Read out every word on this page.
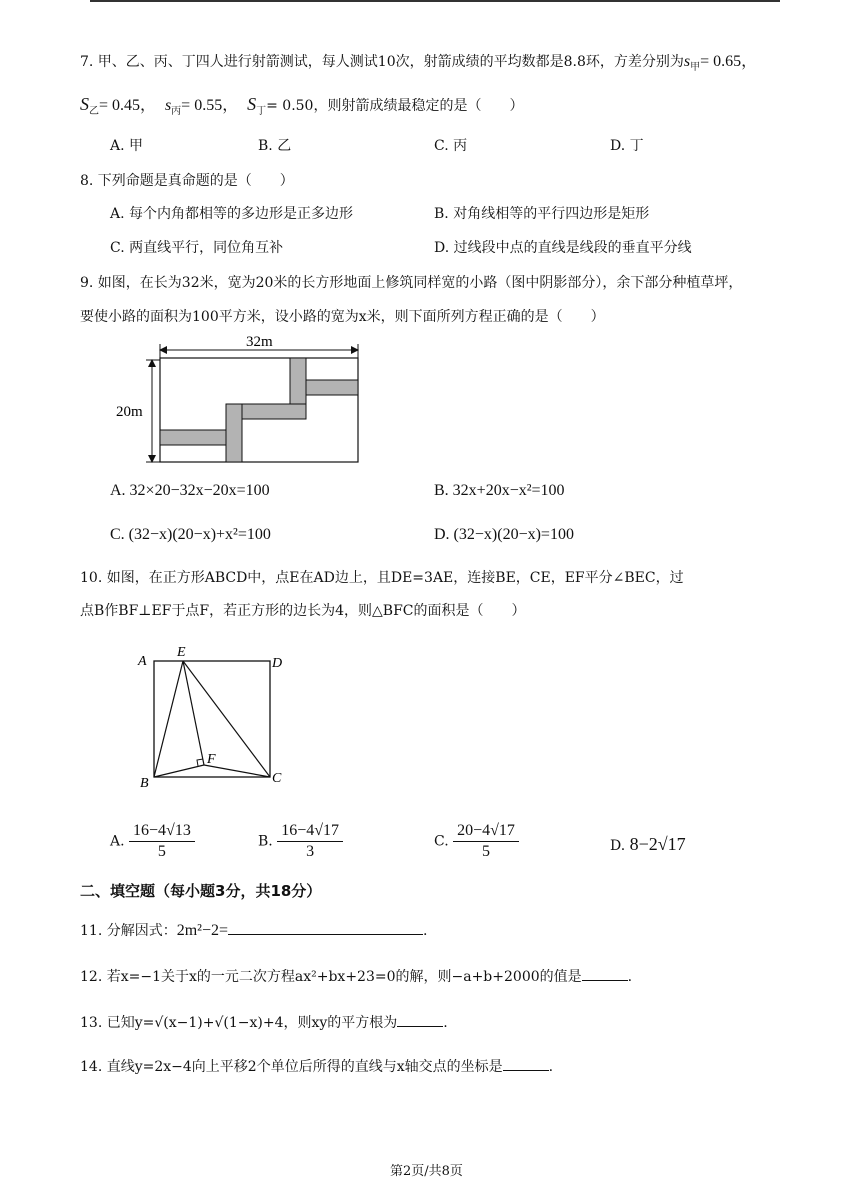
7. 甲、乙、丙、丁四人进行射箭测试，每人测试10次，射箭成绩的平均数都是8.8环，方差分别为$s_甲= 0.65$，
$S_乙= 0.45$， $s_丙= 0.55$， $S_丁= 0.50$，则射箭成绩最稳定的是（　　）
A. 甲	B. 乙	C. 丙	D. 丁
8. 下列命题是真命题的是（　　）
A. 每个内角都相等的多边形是正多边形	B. 对角线相等的平行四边形是矩形
C. 两直线平行，同位角互补	D. 过线段中点的直线是线段的垂直平分线
9. 如图，在长为32米，宽为20米的长方形地面上修筑同样宽的小路（图中阴影部分），余下部分种植草坪，
要使小路的面积为100平方米，设小路的宽为x米，则下面所列方程正确的是（　　）
32m
20m
A. 32×20−32x−20x=100	B. 32x+20x−x²=100
C. (32−x)(20−x)+x²=100	D. (32−x)(20−x)=100
10. 如图，在正方形ABCD中，点E在AD边上，且DE=3AE，连接BE，CE，EF平分∠BEC，过
点B作BF⊥EF于点F，若正方形的边长为4，则△BFC的面积是（　　）
A
E
D
B	C
F
A. $\frac{16-4√13}{5}$	B. $\frac{16-4√17}{3}$	C. $\frac{20-4√17}{5}$	D. 8−2√17
二、填空题（每小题3分，共18分）
11. 分解因式：2m²−2=	.
12. 若x=−1关于x的一元二次方程ax²+bx+23=0的解，则−a+b+2000的值是	.
13. 已知y=√(x−1)+√(1−x)+4，则xy的平方根为	.
14. 直线y=2x−4向上平移2个单位后所得的直线与x轴交点的坐标是	.
第2页/共8页
